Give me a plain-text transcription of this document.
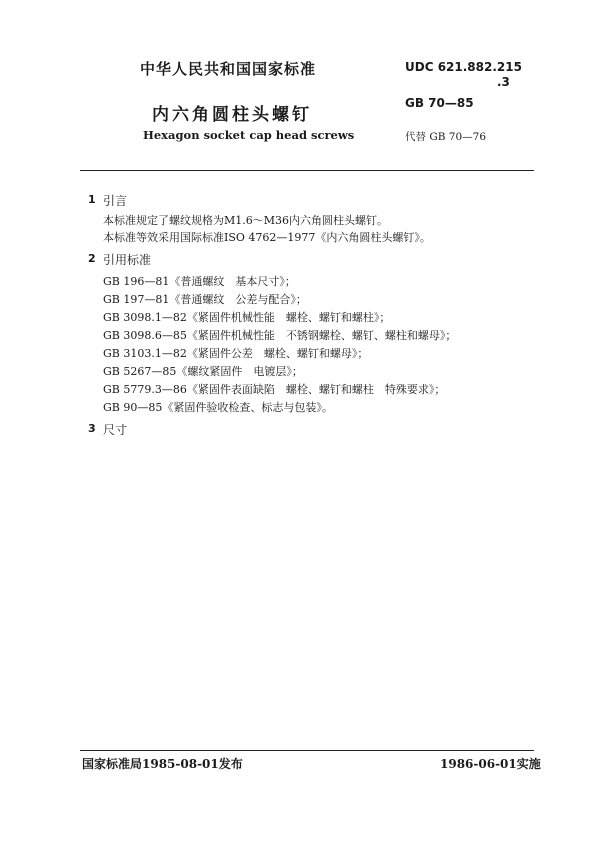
中华人民共和国国家标准
内六角圆柱头螺钉
Hexagon socket cap head screws
UDC 621.882.215
.3
GB 70—85
代替 GB 70—76
1 引言
本标准规定了螺纹规格为M1.6～M36内六角圆柱头螺钉。
本标准等效采用国际标准ISO 4762—1977《内六角圆柱头螺钉》。
2 引用标准
GB 196—81《普通螺纹　基本尺寸》；
GB 197—81《普通螺纹　公差与配合》；
GB 3098.1—82《紧固件机械性能　螺栓、螺钉和螺柱》；
GB 3098.6—85《紧固件机械性能　不锈钢螺栓、螺钉、螺柱和螺母》；
GB 3103.1—82《紧固件公差　螺栓、螺钉和螺母》；
GB 5267—85《螺纹紧固件　电镀层》；
GB 5779.3—86《紧固件表面缺陷　螺栓、螺钉和螺柱　特殊要求》；
GB 90—85《紧固件验收检查、标志与包装》。
3 尺寸
国家标准局1985-08-01发布	1986-06-01实施
